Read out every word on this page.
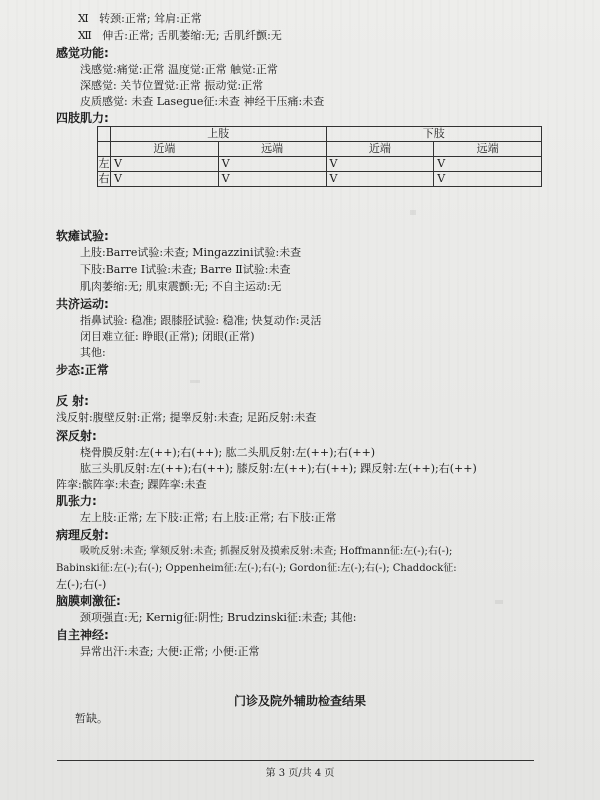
Ⅺ 转颈:正常; 耸肩:正常
Ⅻ 伸舌:正常; 舌肌萎缩:无; 舌肌纤颤:无
感觉功能:
浅感觉:痛觉:正常 温度觉:正常 触觉:正常
深感觉: 关节位置觉:正常 振动觉:正常
皮质感觉: 未查 Lasegue征:未查 神经干压痛:未查
四肢肌力:
	上肢		下肢	
	近端	远端	近端	远端
左	V	V	V	V
右	V	V	V	V
软瘫试验:
上肢:Barre试验:未查; Mingazzini试验:未查
下肢:Barre Ⅰ试验:未查; Barre Ⅱ试验:未查
肌肉萎缩:无; 肌束震颤:无; 不自主运动:无
共济运动:
指鼻试验: 稳准; 跟膝胫试验: 稳准; 快复动作:灵活
闭目难立征: 睁眼(正常); 闭眼(正常)
其他:
步态:正常
反 射:
浅反射:腹壁反射:正常; 提睾反射:未查; 足跖反射:未查
深反射:
桡骨膜反射:左(++);右(++); 肱二头肌反射:左(++);右(++)
肱三头肌反射:左(++);右(++); 膝反射:左(++);右(++); 踝反射:左(++);右(++)
阵挛:髌阵挛:未查; 踝阵挛:未查
肌张力:
左上肢:正常; 左下肢:正常; 右上肢:正常; 右下肢:正常
病理反射:
吸吮反射:未查; 掌颏反射:未查; 抓握反射及摸索反射:未查; Hoffmann征:左(-);右(-);
Babinski征:左(-);右(-); Oppenheim征:左(-);右(-); Gordon征:左(-);右(-); Chaddock征:
左(-);右(-)
脑膜刺激征:
颈项强直:无; Kernig征:阴性; Brudzinski征:未查; 其他:
自主神经:
异常出汗:未查; 大便:正常; 小便:正常
门诊及院外辅助检查结果
暂缺。
第 3 页/共 4 页
